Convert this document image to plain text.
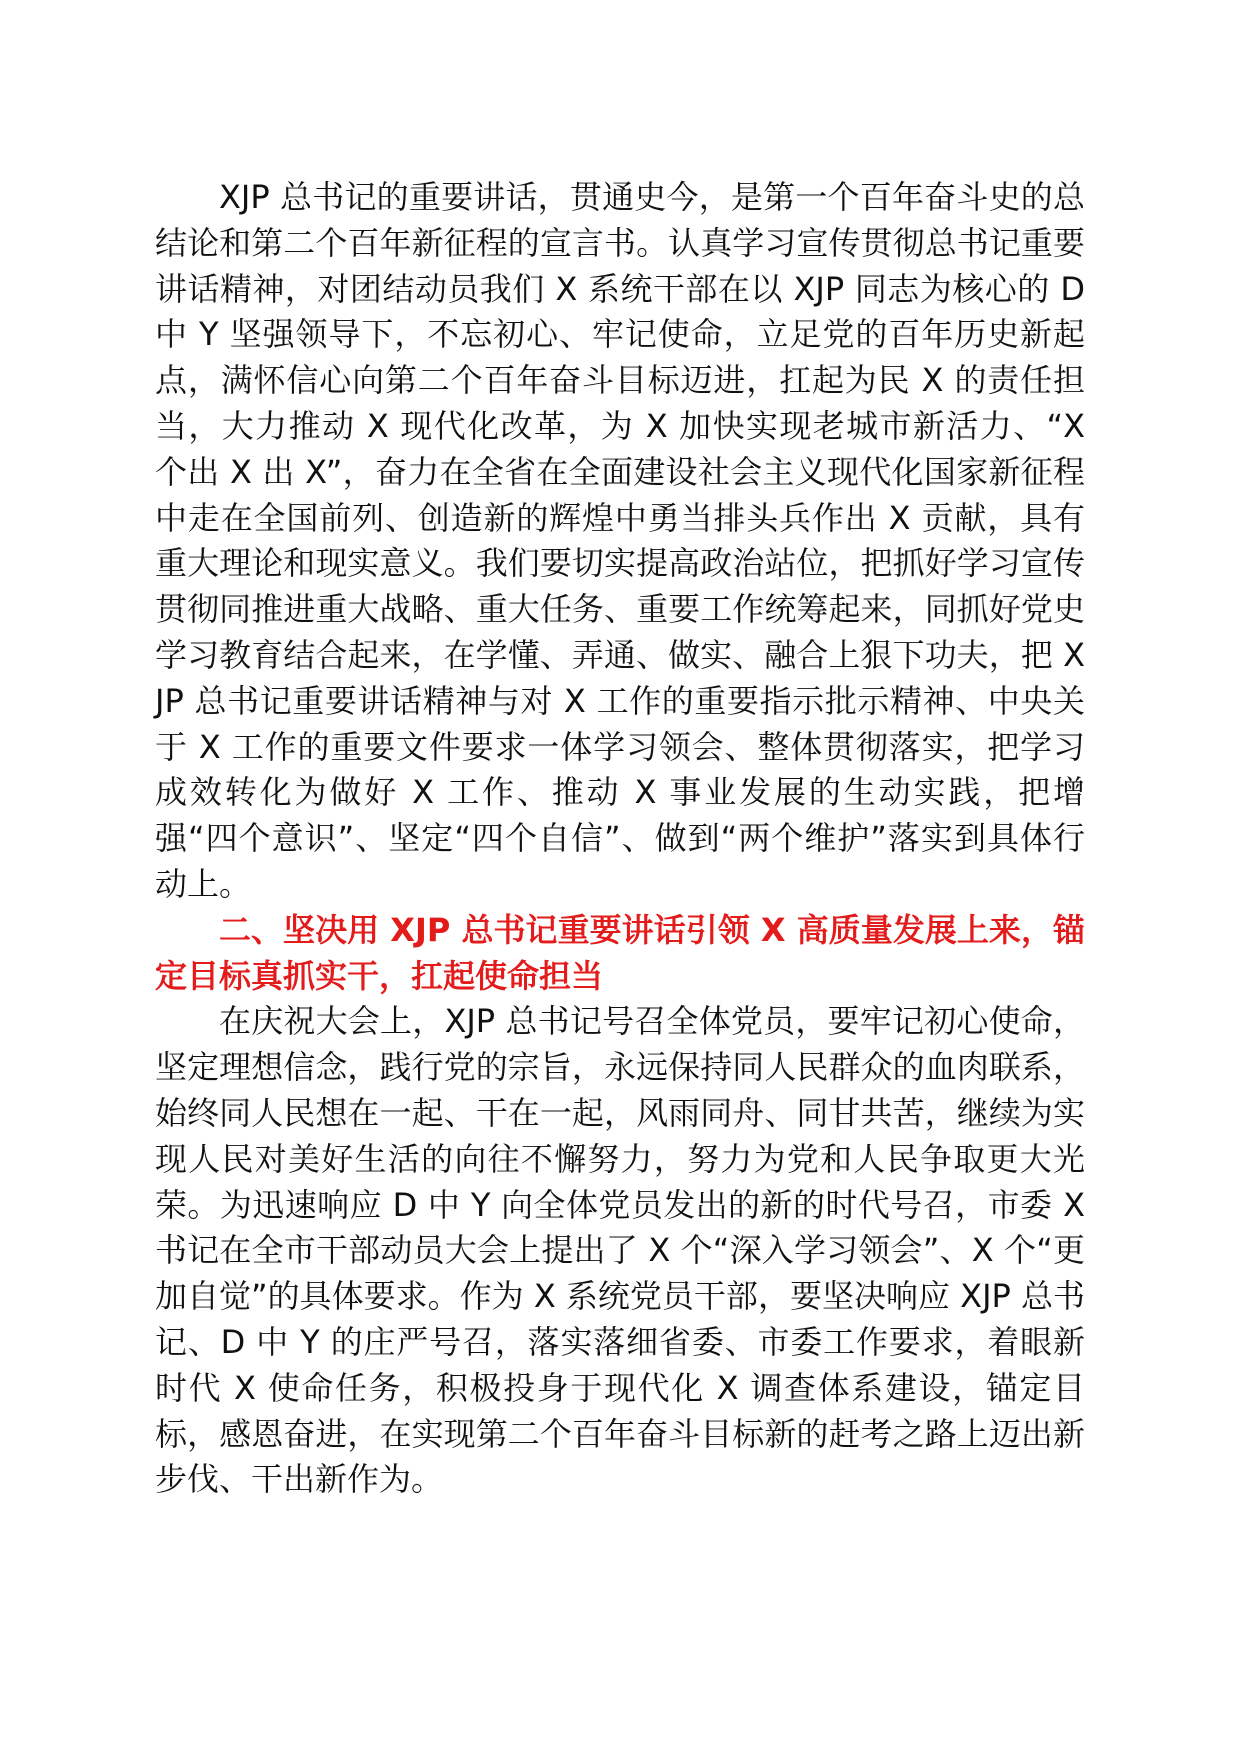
XJP 总书记的重要讲话，贯通史今，是第一个百年奋斗史的总结论和第二个百年新征程的宣言书。认真学习宣传贯彻总书记重要讲话精神，对团结动员我们 X 系统干部在以 XJP 同志为核心的 D 中 Y 坚强领导下，不忘初心、牢记使命，立足党的百年历史新起点，满怀信心向第二个百年奋斗目标迈进，扛起为民 X 的责任担当，大力推动 X 现代化改革，为 X 加快实现老城市新活力、“X 个出 X 出 X”，奋力在全省在全面建设社会主义现代化国家新征程中走在全国前列、创造新的辉煌中勇当排头兵作出 X 贡献，具有重大理论和现实意义。我们要切实提高政治站位，把抓好学习宣传贯彻同推进重大战略、重大任务、重要工作统筹起来，同抓好党史学习教育结合起来，在学懂、弄通、做实、融合上狠下功夫，把 XJP 总书记重要讲话精神与对 X 工作的重要指示批示精神、中央关于 X 工作的重要文件要求一体学习领会、整体贯彻落实，把学习成效转化为做好 X 工作、推动 X 事业发展的生动实践，把增强“四个意识”、坚定“四个自信”、做到“两个维护”落实到具体行动上。

二、坚决用 XJP 总书记重要讲话引领 X 高质量发展上来，锚定目标真抓实干，扛起使命担当

在庆祝大会上，XJP 总书记号召全体党员，要牢记初心使命，坚定理想信念，践行党的宗旨，永远保持同人民群众的血肉联系，始终同人民想在一起、干在一起，风雨同舟、同甘共苦，继续为实现人民对美好生活的向往不懈努力，努力为党和人民争取更大光荣。为迅速响应 D 中 Y 向全体党员发出的新的时代号召，市委 X 书记在全市干部动员大会上提出了 X 个“深入学习领会”、X 个“更加自觉”的具体要求。作为 X 系统党员干部，要坚决响应 XJP 总书记、D 中 Y 的庄严号召，落实落细省委、市委工作要求，着眼新时代 X 使命任务，积极投身于现代化 X 调查体系建设，锚定目标，感恩奋进，在实现第二个百年奋斗目标新的赶考之路上迈出新步伐、干出新作为。
